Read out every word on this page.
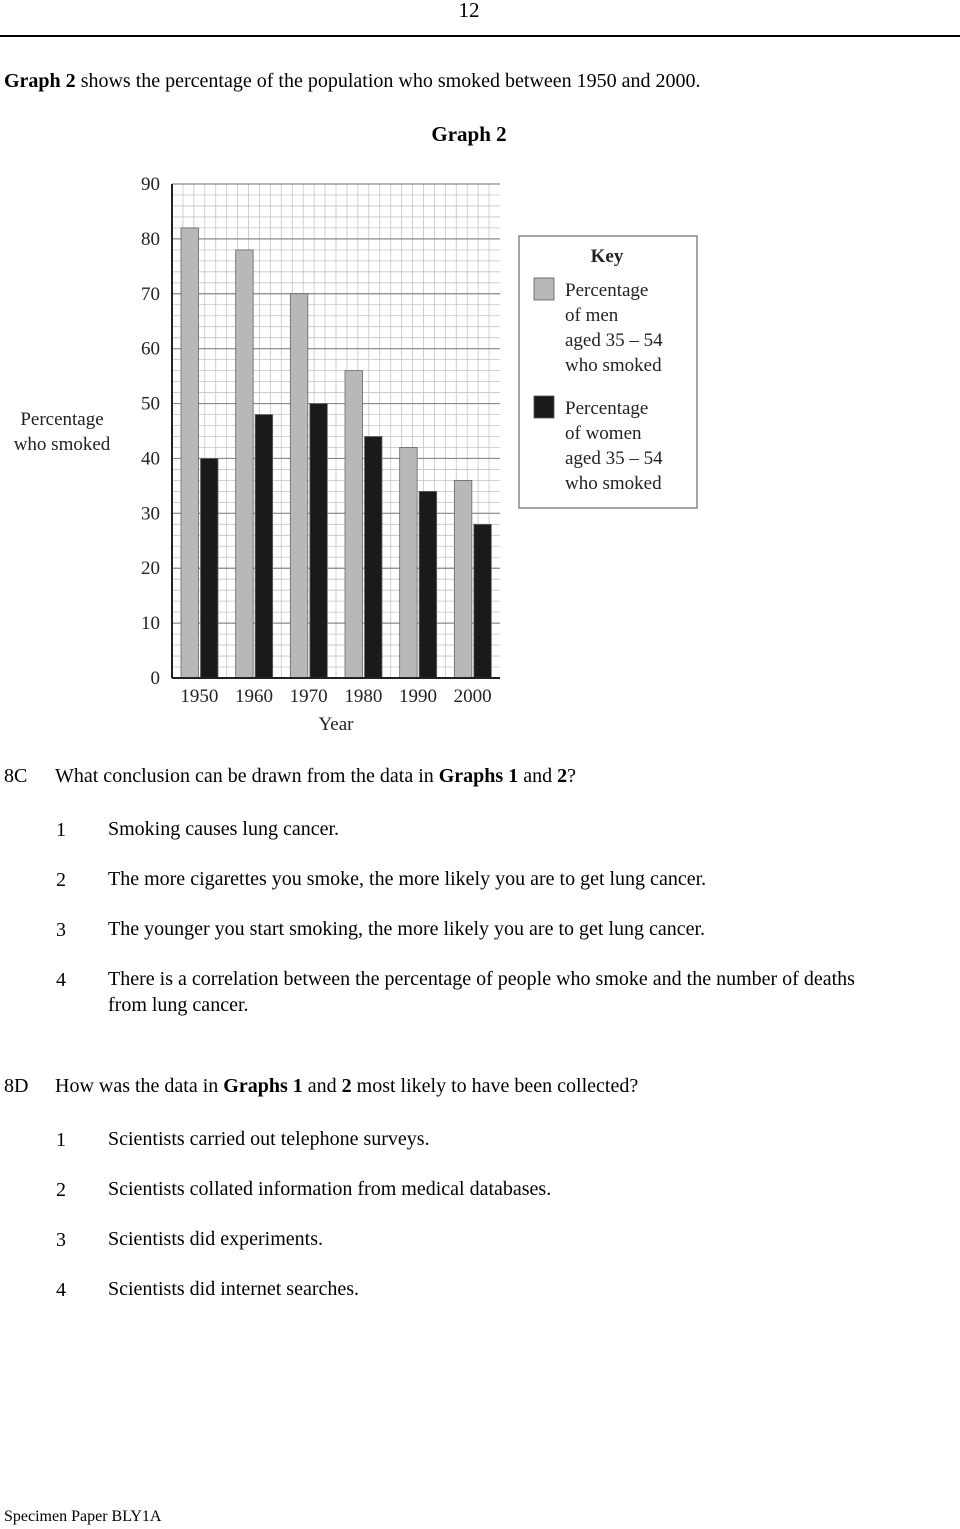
12
Graph 2 shows the percentage of the population who smoked between 1950 and 2000.
Graph 2
0
10
20
30
40
50
60
70
80
90
1950 1960 1970 1980 1990 2000
Year
Percentage
who smoked
Key
Percentage
of men
aged 35 – 54
who smoked
Percentage
of women
aged 35 – 54
who smoked
8C What conclusion can be drawn from the data in Graphs 1 and 2?
1 Smoking causes lung cancer.
2 The more cigarettes you smoke, the more likely you are to get lung cancer.
3 The younger you start smoking, the more likely you are to get lung cancer.
4 There is a correlation between the percentage of people who smoke and the number of deaths from lung cancer.
8D How was the data in Graphs 1 and 2 most likely to have been collected?
1 Scientists carried out telephone surveys.
2 Scientists collated information from medical databases.
3 Scientists did experiments.
4 Scientists did internet searches.
Specimen Paper BLY1A
